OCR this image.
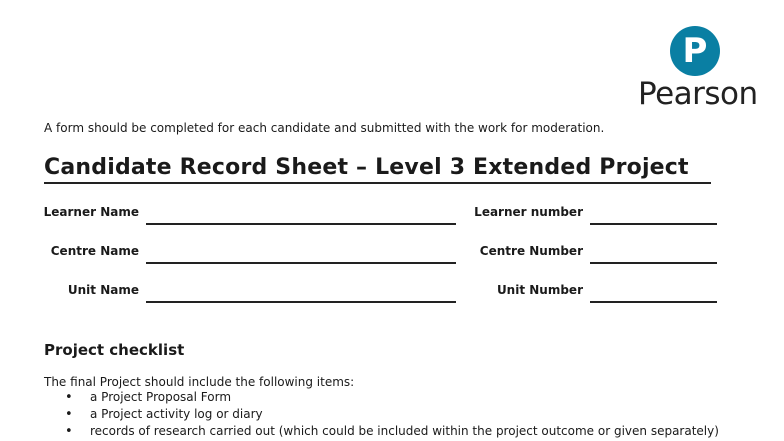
P
Pearson
A form should be completed for each candidate and submitted with the work for moderation.
Candidate Record Sheet – Level 3 Extended Project
Learner Name	Learner number
Centre Name	Centre Number
Unit Name	Unit Number
Project checklist
The final Project should include the following items:
• a Project Proposal Form
• a Project activity log or diary
• records of research carried out (which could be included within the project outcome or given separately)
